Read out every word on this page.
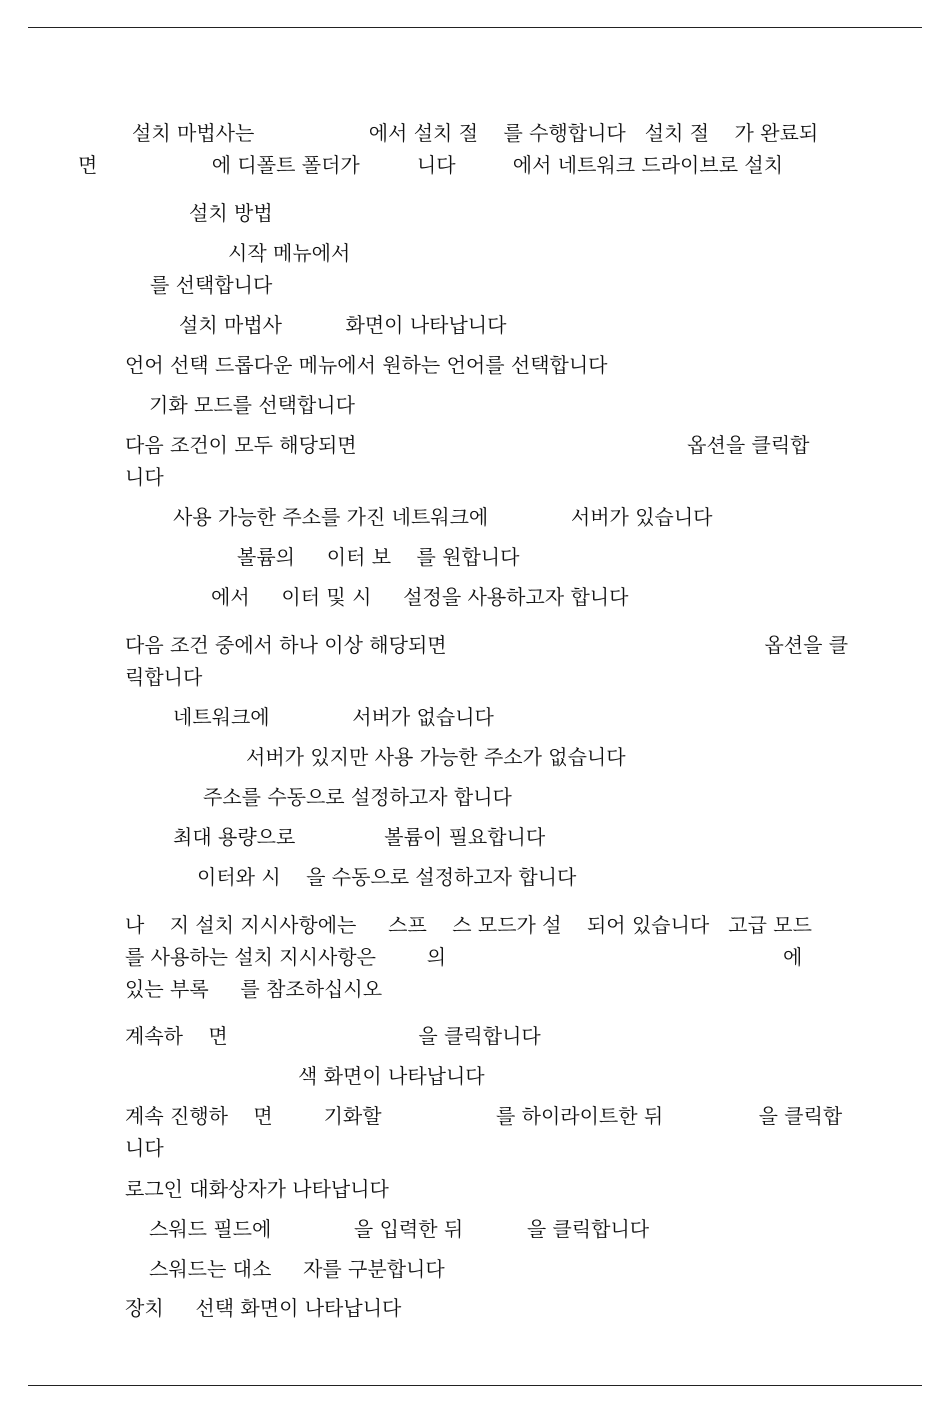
설치 마법사는                  에서 설치 절    를 수행합니다   설치 절    가 완료되
면                  에 디폴트 폴더가         니다         에서 네트워크 드라이브로 설치
설치 방법
시작 메뉴에서
를 선택합니다
설치 마법사          화면이 나타납니다
언어 선택 드롭다운 메뉴에서 원하는 언어를 선택합니다
기화 모드를 선택합니다
다음 조건이 모두 해당되면                                                    옵션을 클릭합
니다
사용 가능한 주소를 가진 네트워크에             서버가 있습니다
볼륨의     이터 보    를 원합니다
에서     이터 및 시     설정을 사용하고자 합니다
다음 조건 중에서 하나 이상 해당되면                                                  옵션을 클
릭합니다
네트워크에             서버가 없습니다
서버가 있지만 사용 가능한 주소가 없습니다
주소를 수동으로 설정하고자 합니다
최대 용량으로              볼륨이 필요합니다
이터와 시    을 수동으로 설정하고자 합니다
나    지 설치 지시사항에는     스프    스 모드가 설    되어 있습니다   고급 모드
를 사용하는 설치 지시사항은        의                                                     에
있는 부록     를 참조하십시오
계속하    면                              을 클릭합니다
색 화면이 나타납니다
계속 진행하    면        기화할                  를 하이라이트한 뒤               을 클릭합
니다
로그인 대화상자가 나타납니다
스워드 필드에             을 입력한 뒤          을 클릭합니다
스워드는 대소     자를 구분합니다
장치     선택 화면이 나타납니다
